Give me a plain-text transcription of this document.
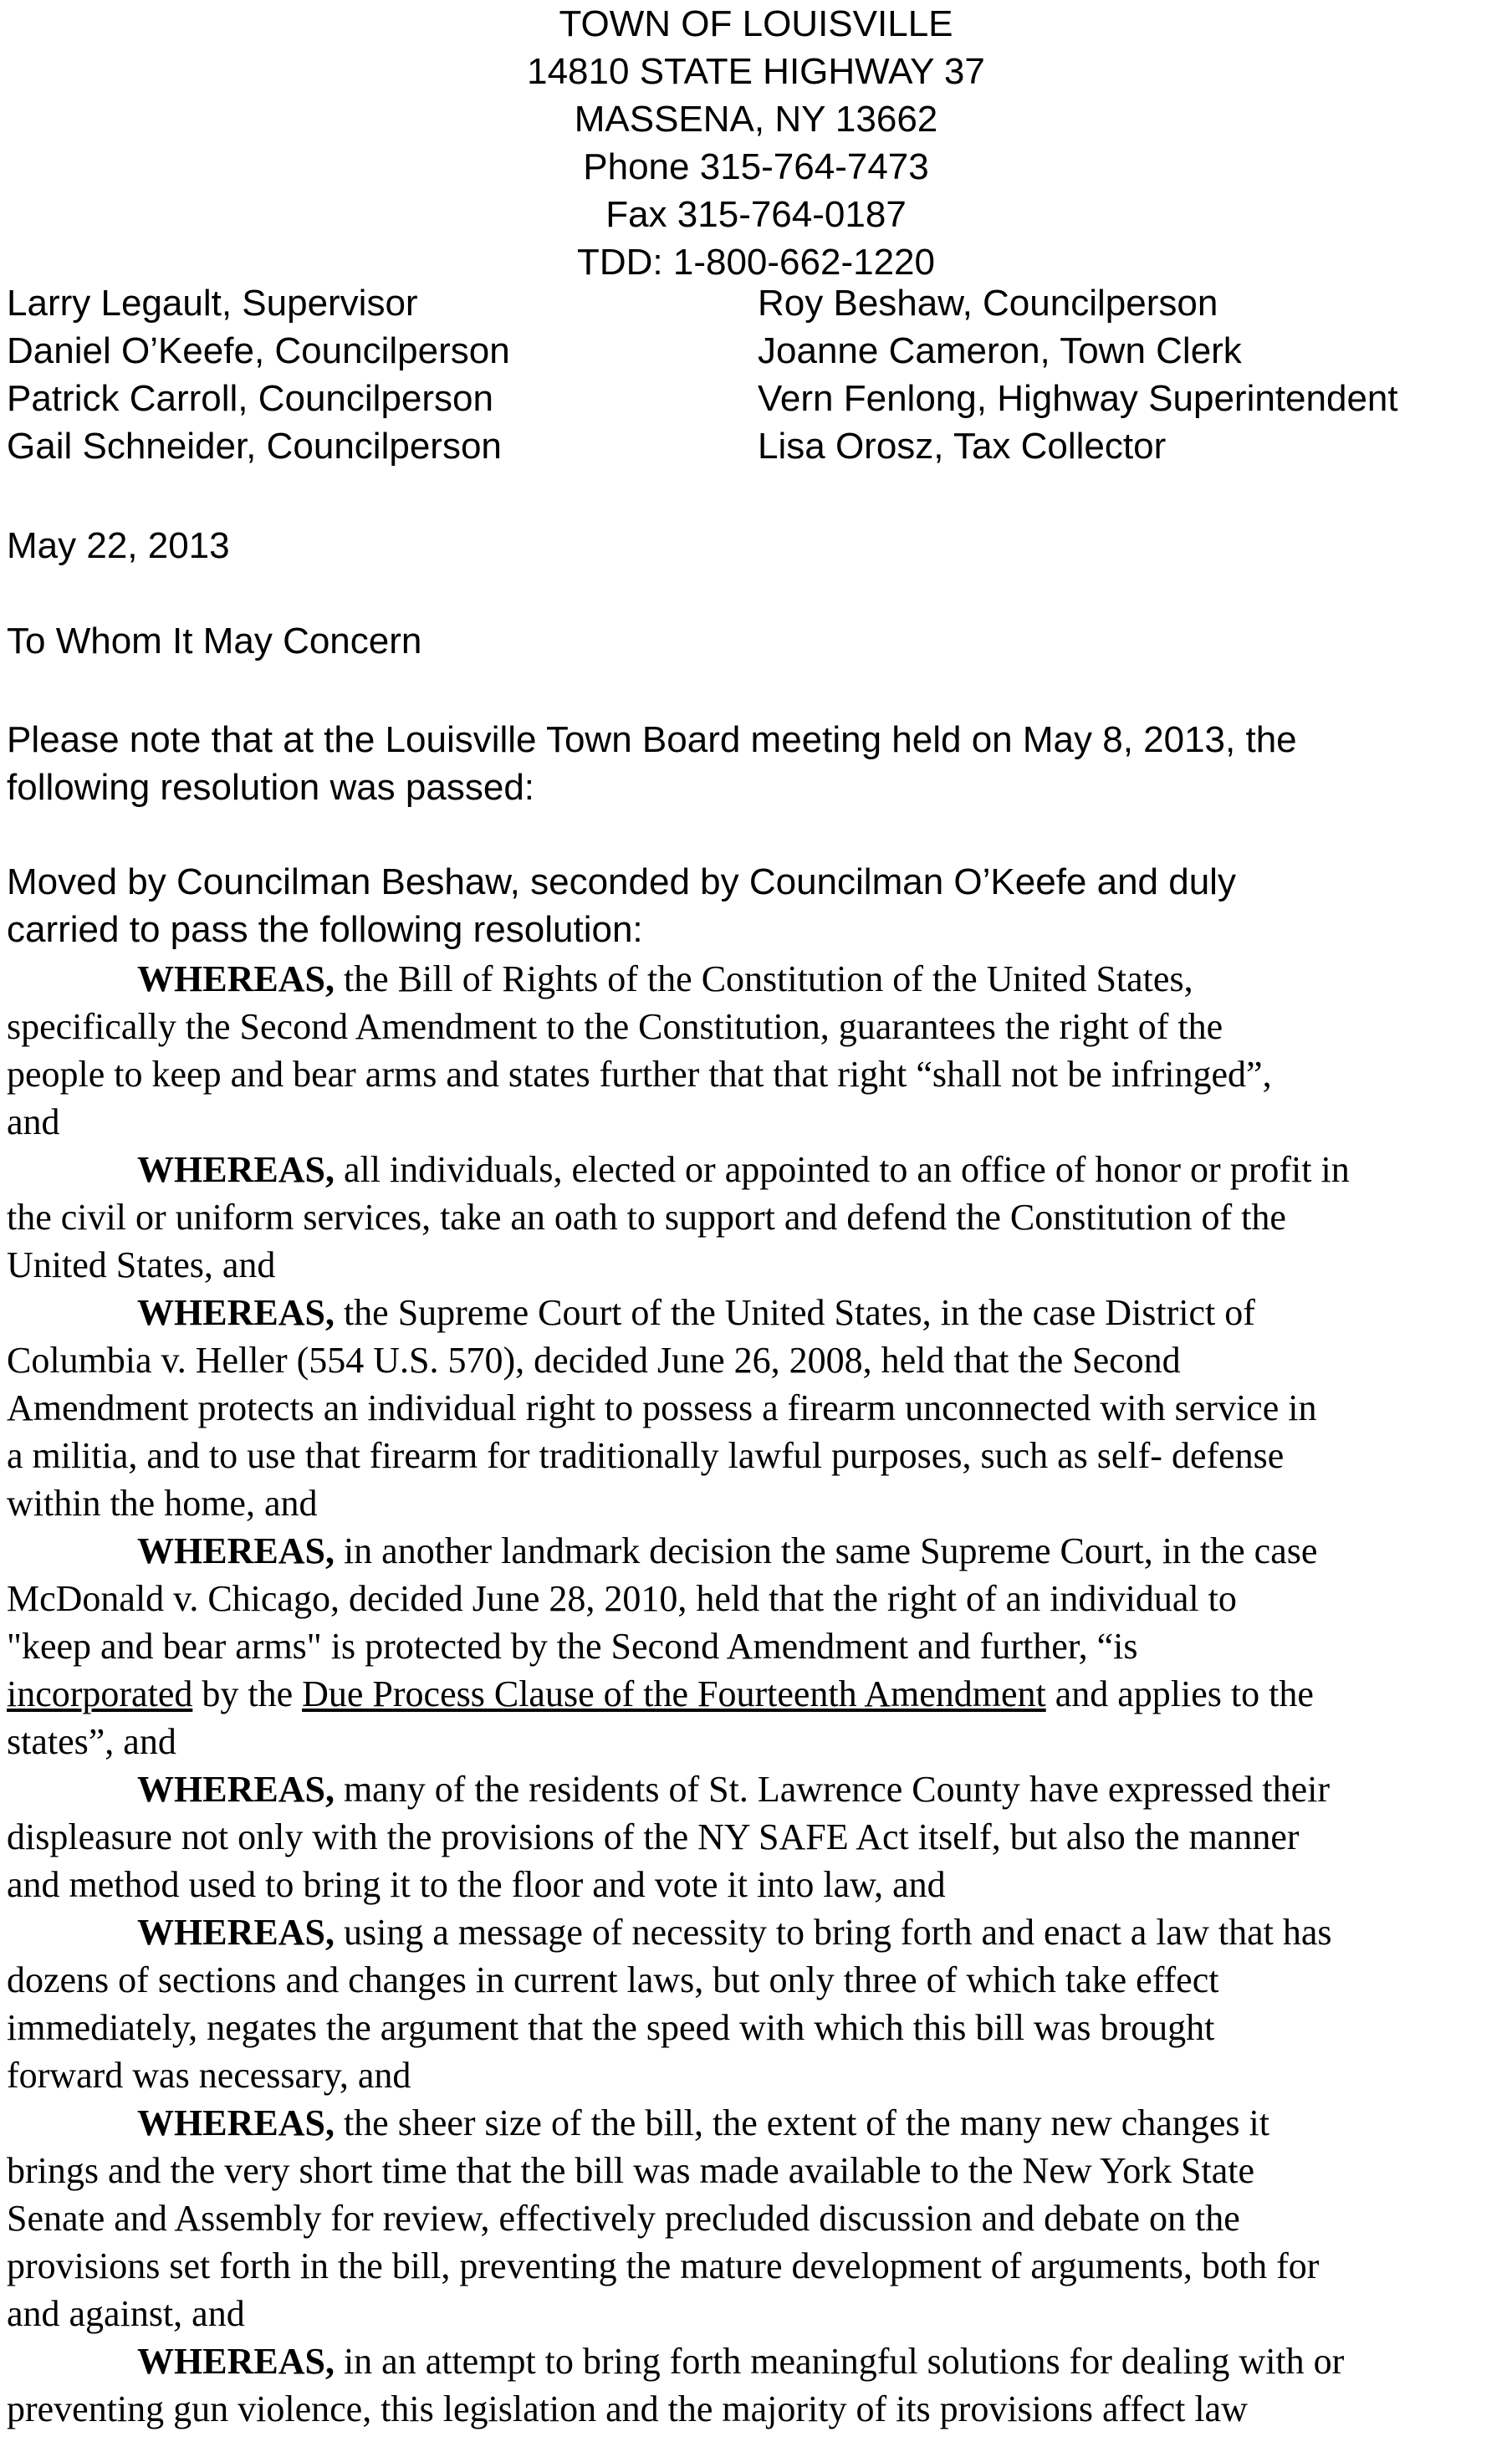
TOWN OF LOUISVILLE
14810 STATE HIGHWAY 37
MASSENA, NY 13662
Phone 315-764-7473
Fax 315-764-0187
TDD: 1-800-662-1220
Larry Legault, Supervisor
Daniel O’Keefe, Councilperson
Patrick Carroll, Councilperson
Gail Schneider, Councilperson
Roy Beshaw, Councilperson
Joanne Cameron, Town Clerk
Vern Fenlong, Highway Superintendent
Lisa Orosz, Tax Collector
May 22, 2013
To Whom It May Concern
Please note that at the Louisville Town Board meeting held on May 8, 2013, the
following resolution was passed:
Moved by Councilman Beshaw, seconded by Councilman O’Keefe and duly
carried to pass the following resolution:
WHEREAS, the Bill of Rights of the Constitution of the United States,
specifically the Second Amendment to the Constitution, guarantees the right of the
people to keep and bear arms and states further that that right “shall not be infringed”,
and
WHEREAS, all individuals, elected or appointed to an office of honor or profit in
the civil or uniform services, take an oath to support and defend the Constitution of the
United States, and
WHEREAS, the Supreme Court of the United States, in the case District of
Columbia v. Heller (554 U.S. 570), decided June 26, 2008, held that the Second
Amendment protects an individual right to possess a firearm unconnected with service in
a militia, and to use that firearm for traditionally lawful purposes, such as self- defense
within the home, and
WHEREAS, in another landmark decision the same Supreme Court, in the case
McDonald v. Chicago, decided June 28, 2010, held that the right of an individual to
"keep and bear arms" is protected by the Second Amendment and further, “is
incorporated by the Due Process Clause of the Fourteenth Amendment and applies to the
states”, and
WHEREAS, many of the residents of St. Lawrence County have expressed their
displeasure not only with the provisions of the NY SAFE Act itself, but also the manner
and method used to bring it to the floor and vote it into law, and
WHEREAS, using a message of necessity to bring forth and enact a law that has
dozens of sections and changes in current laws, but only three of which take effect
immediately, negates the argument that the speed with which this bill was brought
forward was necessary, and
WHEREAS, the sheer size of the bill, the extent of the many new changes it
brings and the very short time that the bill was made available to the New York State
Senate and Assembly for review, effectively precluded discussion and debate on the
provisions set forth in the bill, preventing the mature development of arguments, both for
and against, and
WHEREAS, in an attempt to bring forth meaningful solutions for dealing with or
preventing gun violence, this legislation and the majority of its provisions affect law
